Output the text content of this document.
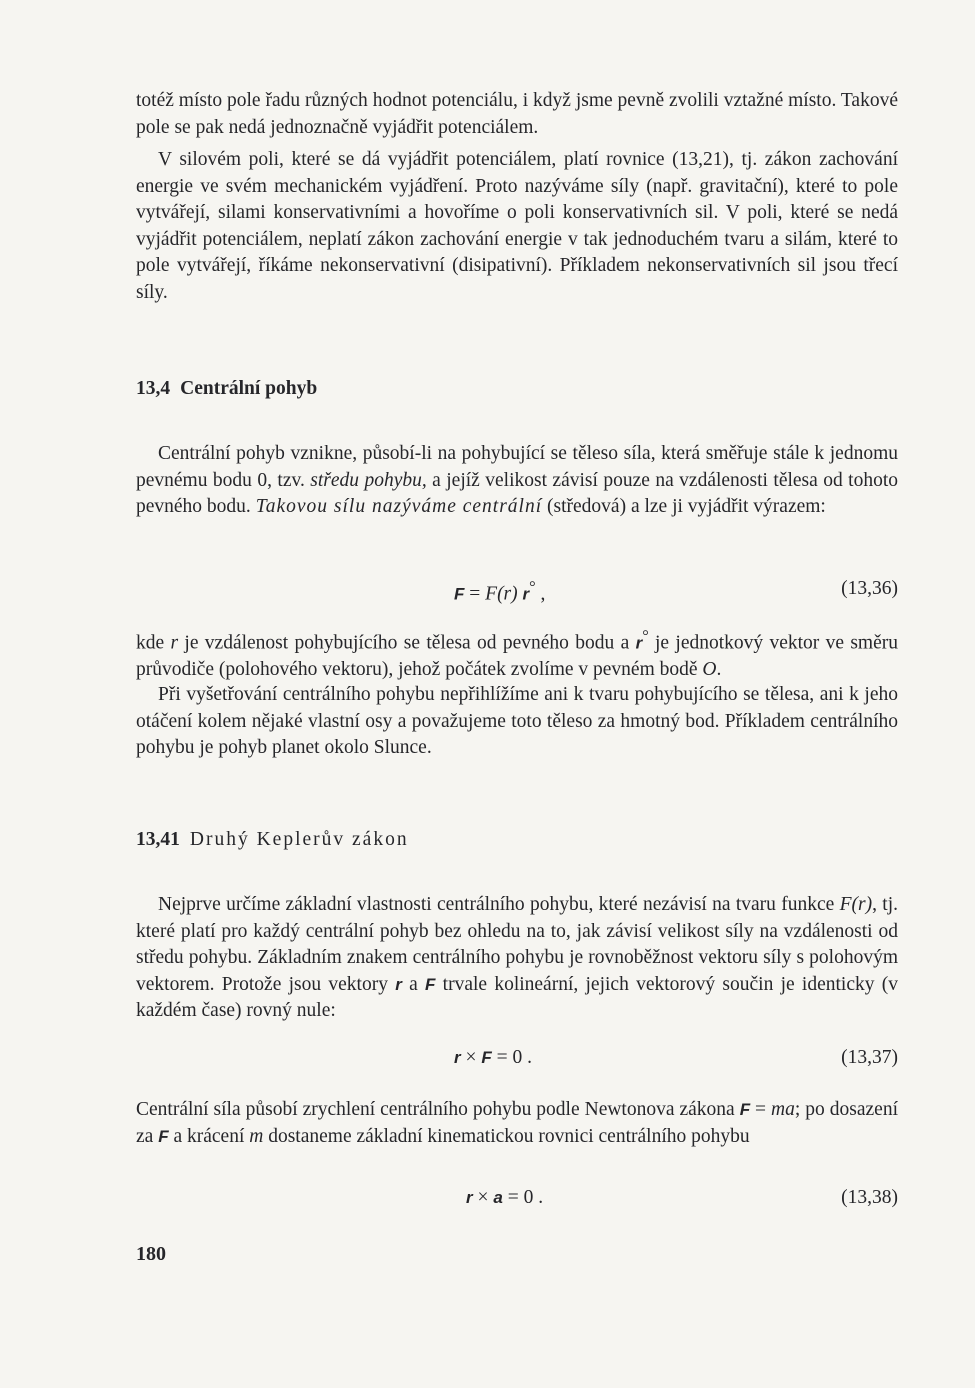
totéž místo pole řadu různých hodnot potenciálu, i když jsme pevně zvolili vztažné místo. Takové pole se pak nedá jednoznačně vyjádřit potenciálem.

V silovém poli, které se dá vyjádřit potenciálem, platí rovnice (13,21), tj. zákon zachování energie ve svém mechanickém vyjádření. Proto nazýváme síly (např. gravitační), které to pole vytvářejí, silami konservativními a hovoříme o poli konservativních sil. V poli, které se nedá vyjádřit potenciálem, neplatí zákon zachování energie v tak jednoduchém tvaru a silám, které to pole vytvářejí, říkáme nekonservativní (disipativní). Příkladem nekonservativních sil jsou třecí síly.

13,4 Centrální pohyb

Centrální pohyb vznikne, působí-li na pohybující se těleso síla, která směřuje stále k jednomu pevnému bodu 0, tzv. středu pohybu, a jejíž velikost závisí pouze na vzdálenosti tělesa od tohoto pevného bodu. Takovou sílu nazýváme centrální (středová) a lze ji vyjádřit výrazem:

F = F(r) r° ,	(13,36)

kde r je vzdálenost pohybujícího se tělesa od pevného bodu a r° je jednotkový vektor ve směru průvodiče (polohového vektoru), jehož počátek zvolíme v pevném bodě O.

Při vyšetřování centrálního pohybu nepřihlížíme ani k tvaru pohybujícího se tělesa, ani k jeho otáčení kolem nějaké vlastní osy a považujeme toto těleso za hmotný bod. Příkladem centrálního pohybu je pohyb planet okolo Slunce.

13,41 Druhý Keplerův zákon

Nejprve určíme základní vlastnosti centrálního pohybu, které nezávisí na tvaru funkce F(r), tj. které platí pro každý centrální pohyb bez ohledu na to, jak závisí velikost síly na vzdálenosti od středu pohybu. Základním znakem centrálního pohybu je rovnoběžnost vektoru síly s polohovým vektorem. Protože jsou vektory r a F trvale kolineární, jejich vektorový součin je identicky (v každém čase) rovný nule:

r × F = 0 .	(13,37)

Centrální síla působí zrychlení centrálního pohybu podle Newtonova zákona F = ma; po dosazení za F a krácení m dostaneme základní kinematickou rovnici centrálního pohybu

r × a = 0 .	(13,38)
180
